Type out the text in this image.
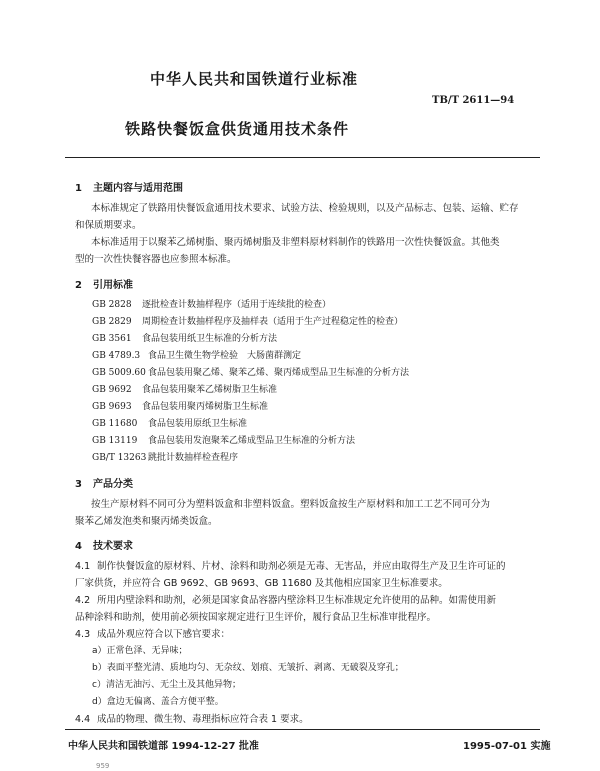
中华人民共和国铁道行业标准
TB/T 2611—94
铁路快餐饭盒供货通用技术条件
1 主题内容与适用范围
本标准规定了铁路用快餐饭盒通用技术要求、试验方法、检验规则，以及产品标志、包装、运输、贮存
和保质期要求。
本标准适用于以聚苯乙烯树脂、聚丙烯树脂及非塑料原材料制作的铁路用一次性快餐饭盒。其他类
型的一次性快餐容器也应参照本标准。
2 引用标准
GB 2828 逐批检查计数抽样程序（适用于连续批的检查）
GB 2829 周期检查计数抽样程序及抽样表（适用于生产过程稳定性的检查）
GB 3561 食品包装用纸卫生标准的分析方法
GB 4789.3 食品卫生微生物学检验　大肠菌群测定
GB 5009.60 食品包装用聚乙烯、聚苯乙烯、聚丙烯成型品卫生标准的分析方法
GB 9692 食品包装用聚苯乙烯树脂卫生标准
GB 9693 食品包装用聚丙烯树脂卫生标准
GB 11680 食品包装用原纸卫生标准
GB 13119 食品包装用发泡聚苯乙烯成型品卫生标准的分析方法
GB/T 13263 跳批计数抽样检查程序
3 产品分类
按生产原材料不同可分为塑料饭盒和非塑料饭盒。塑料饭盒按生产原材料和加工工艺不同可分为
聚苯乙烯发泡类和聚丙烯类饭盒。
4 技术要求
4.1 制作快餐饭盒的原材料、片材、涂料和助剂必须是无毒、无害品，并应由取得生产及卫生许可证的
厂家供货，并应符合 GB 9692、GB 9693、GB 11680 及其他相应国家卫生标准要求。
4.2 所用内壁涂料和助剂，必须是国家食品容器内壁涂料卫生标准规定允许使用的品种。如需使用新
品种涂料和助剂，使用前必须按国家规定进行卫生评价，履行食品卫生标准审批程序。
4.3 成品外观应符合以下感官要求：
a）正常色泽、无异味；
b）表面平整光清、质地均匀、无杂纹、划痕、无皱折、剥离、无破裂及穿孔；
c）清洁无油污、无尘土及其他异物；
d）盒边无偏离、盖合方便平整。
4.4 成品的物理、微生物、毒理指标应符合表 1 要求。
中华人民共和国铁道部 1994-12-27 批准	1995-07-01 实施
959
